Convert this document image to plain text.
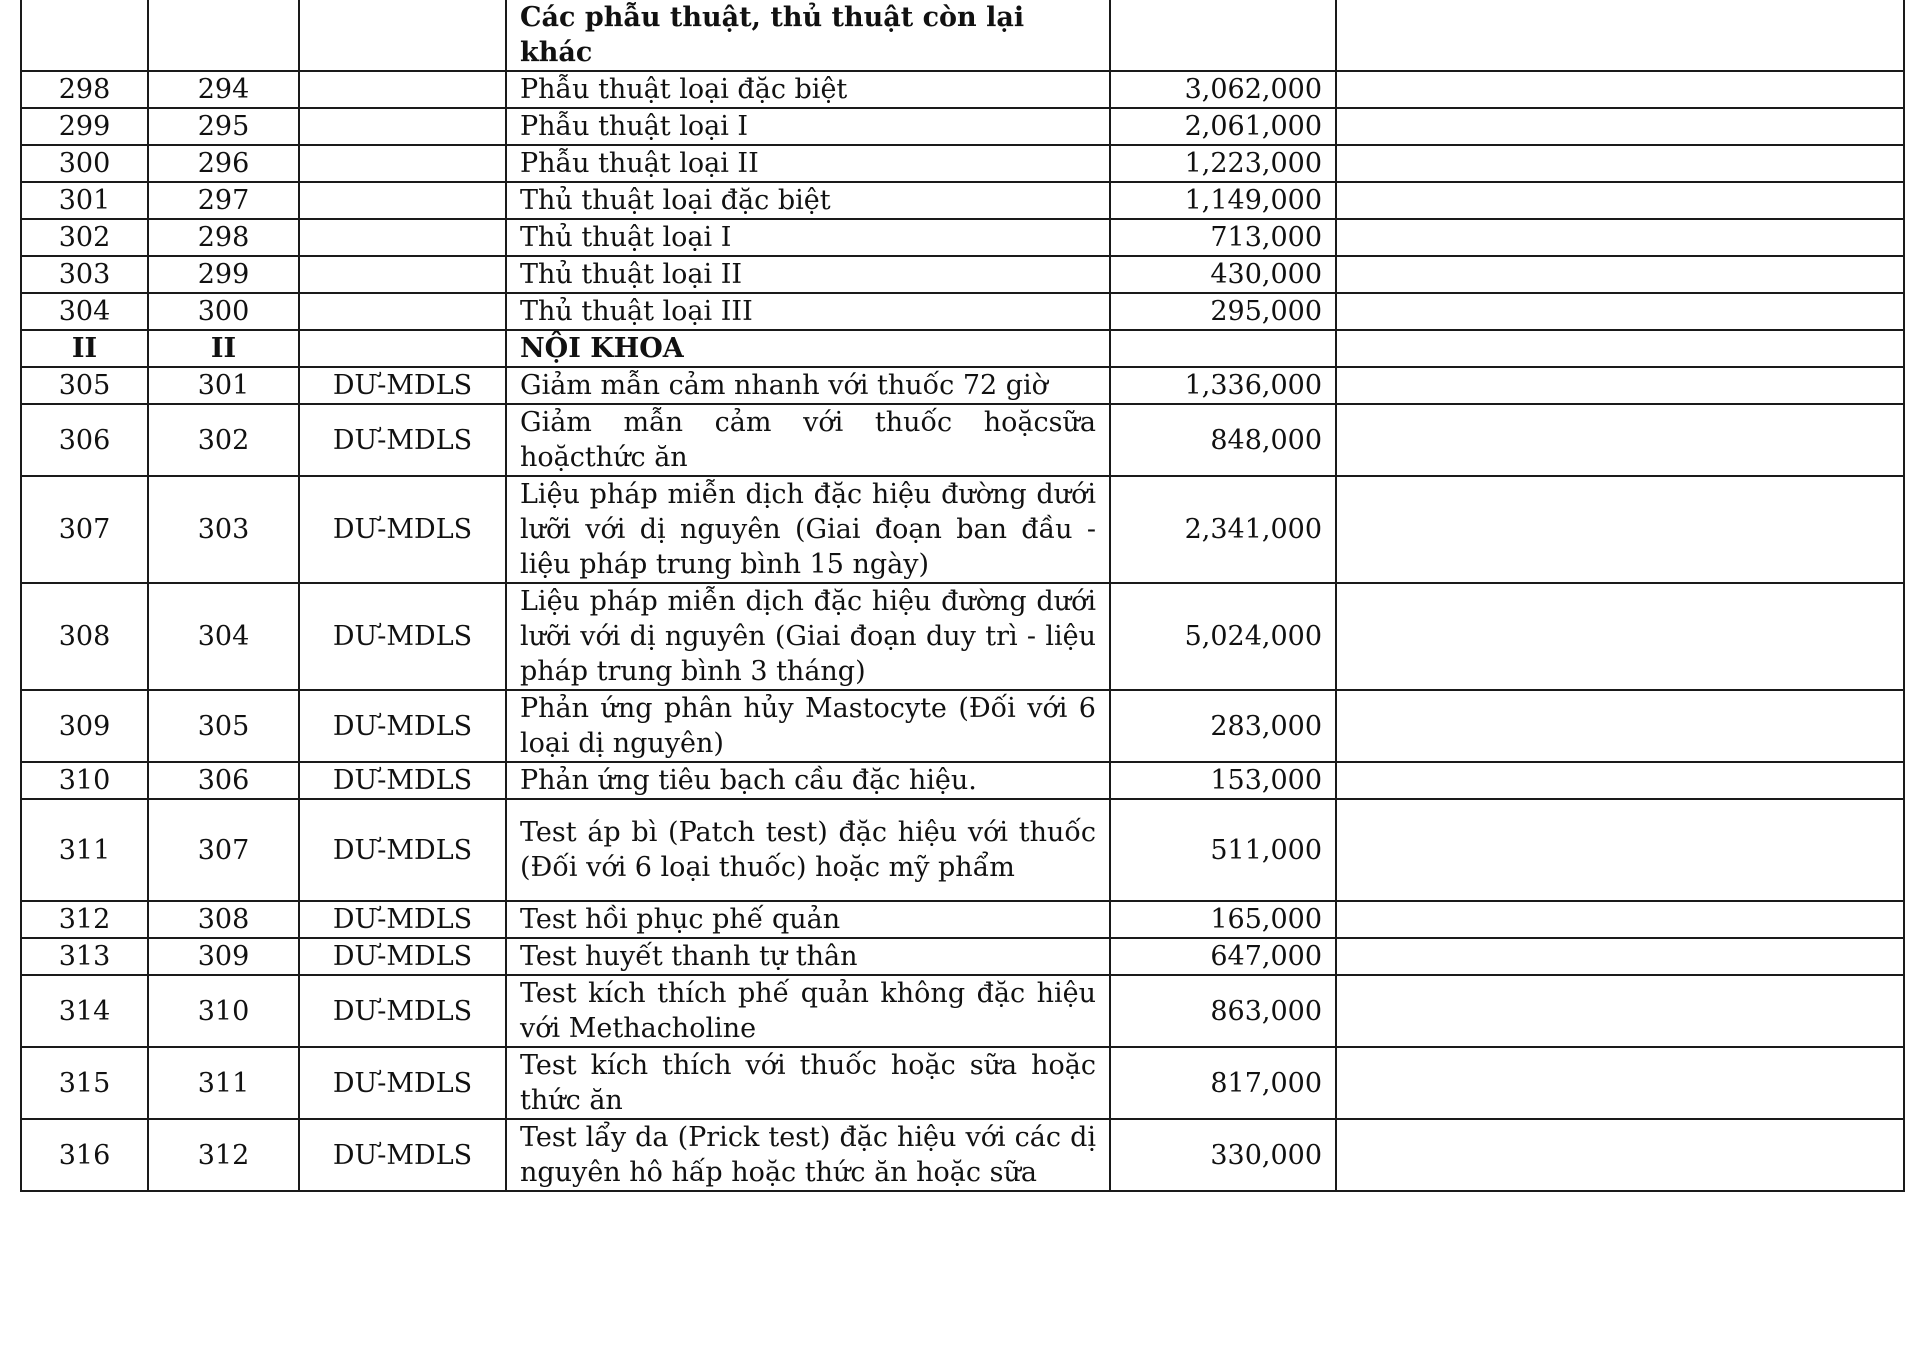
			Các phẫu thuật, thủ thuật còn lại khác		
298	294		Phẫu thuật loại đặc biệt	3,062,000	
299	295		Phẫu thuật loại I	2,061,000	
300	296		Phẫu thuật loại II	1,223,000	
301	297		Thủ thuật loại đặc biệt	1,149,000	
302	298		Thủ thuật loại I	713,000	
303	299		Thủ thuật loại II	430,000	
304	300		Thủ thuật loại III	295,000	
II	II		NỘI KHOA		
305	301	DƯ-MDLS	Giảm mẫn cảm nhanh với thuốc 72 giờ	1,336,000	
306	302	DƯ-MDLS	Giảm mẫn cảm với thuốc hoặcsữa hoặcthức ăn	848,000	
307	303	DƯ-MDLS	Liệu pháp miễn dịch đặc hiệu đường dưới lưỡi với dị nguyên (Giai đoạn ban đầu - liệu pháp trung bình 15 ngày)	2,341,000	
308	304	DƯ-MDLS	Liệu pháp miễn dịch đặc hiệu đường dưới lưỡi với dị nguyên (Giai đoạn duy trì - liệu pháp trung bình 3 tháng)	5,024,000	
309	305	DƯ-MDLS	Phản ứng phân hủy Mastocyte (Đối với 6 loại dị nguyên)	283,000	
310	306	DƯ-MDLS	Phản ứng tiêu bạch cầu đặc hiệu.	153,000	
311	307	DƯ-MDLS	Test áp bì (Patch test) đặc hiệu với thuốc (Đối với 6 loại thuốc) hoặc mỹ phẩm	511,000	
312	308	DƯ-MDLS	Test hồi phục phế quản	165,000	
313	309	DƯ-MDLS	Test huyết thanh tự thân	647,000	
314	310	DƯ-MDLS	Test kích thích phế quản không đặc hiệu với Methacholine	863,000	
315	311	DƯ-MDLS	Test kích thích với thuốc hoặc sữa hoặc thức ăn	817,000	
316	312	DƯ-MDLS	Test lẩy da (Prick test) đặc hiệu với các dị nguyên hô hấp hoặc thức ăn hoặc sữa	330,000	
